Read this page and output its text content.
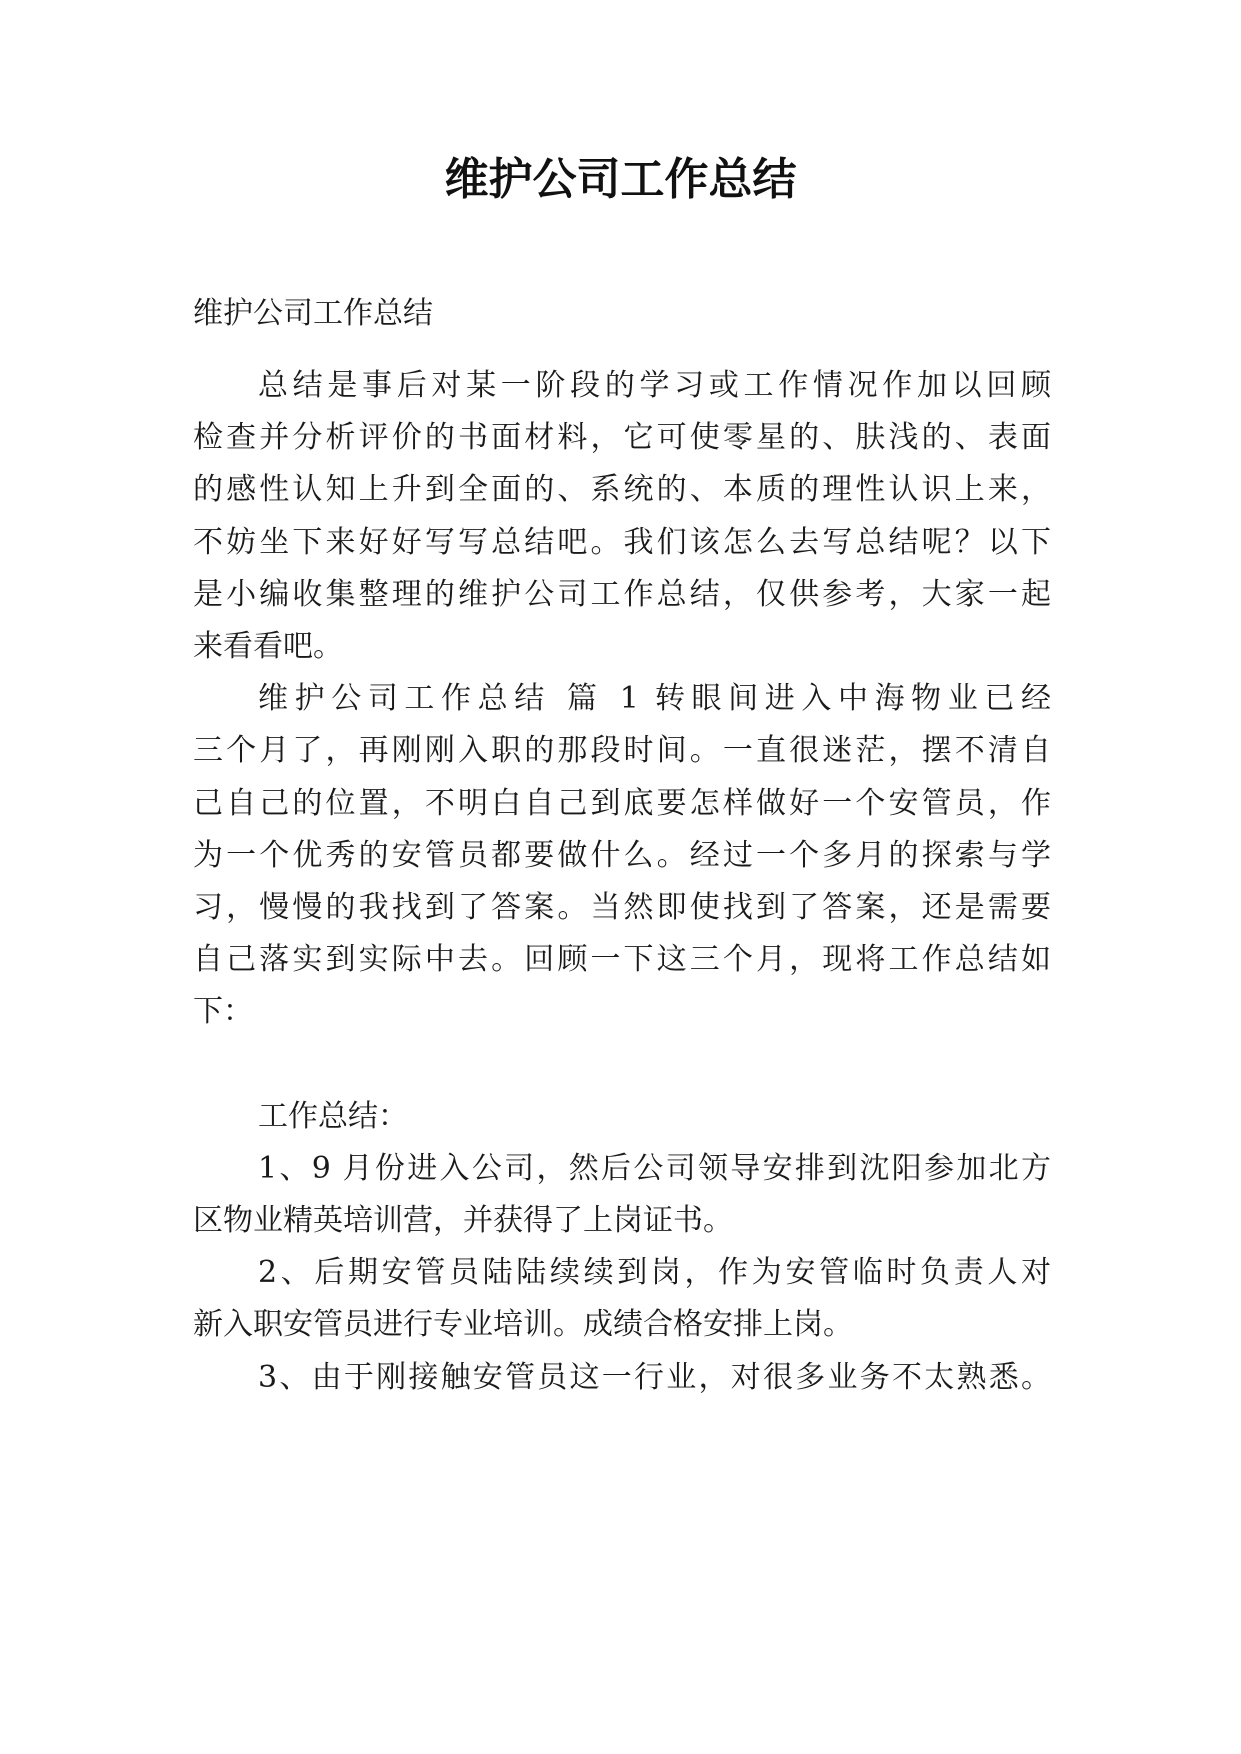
维护公司工作总结
维护公司工作总结
总结是事后对某一阶段的学习或工作情况作加以回顾
检查并分析评价的书面材料，它可使零星的、肤浅的、表面
的感性认知上升到全面的、系统的、本质的理性认识上来，
不妨坐下来好好写写总结吧。我们该怎么去写总结呢？以下
是小编收集整理的维护公司工作总结，仅供参考，大家一起
来看看吧。
维护公司工作总结 篇 1 转眼间进入中海物业已经
三个月了，再刚刚入职的那段时间。一直很迷茫，摆不清自
己自己的位置，不明白自己到底要怎样做好一个安管员，作
为一个优秀的安管员都要做什么。经过一个多月的探索与学
习，慢慢的我找到了答案。当然即使找到了答案，还是需要
自己落实到实际中去。回顾一下这三个月，现将工作总结如
下：
工作总结：
1、9 月份进入公司，然后公司领导安排到沈阳参加北方
区物业精英培训营，并获得了上岗证书。
2、后期安管员陆陆续续到岗，作为安管临时负责人对
新入职安管员进行专业培训。成绩合格安排上岗。
3、由于刚接触安管员这一行业，对很多业务不太熟悉。
